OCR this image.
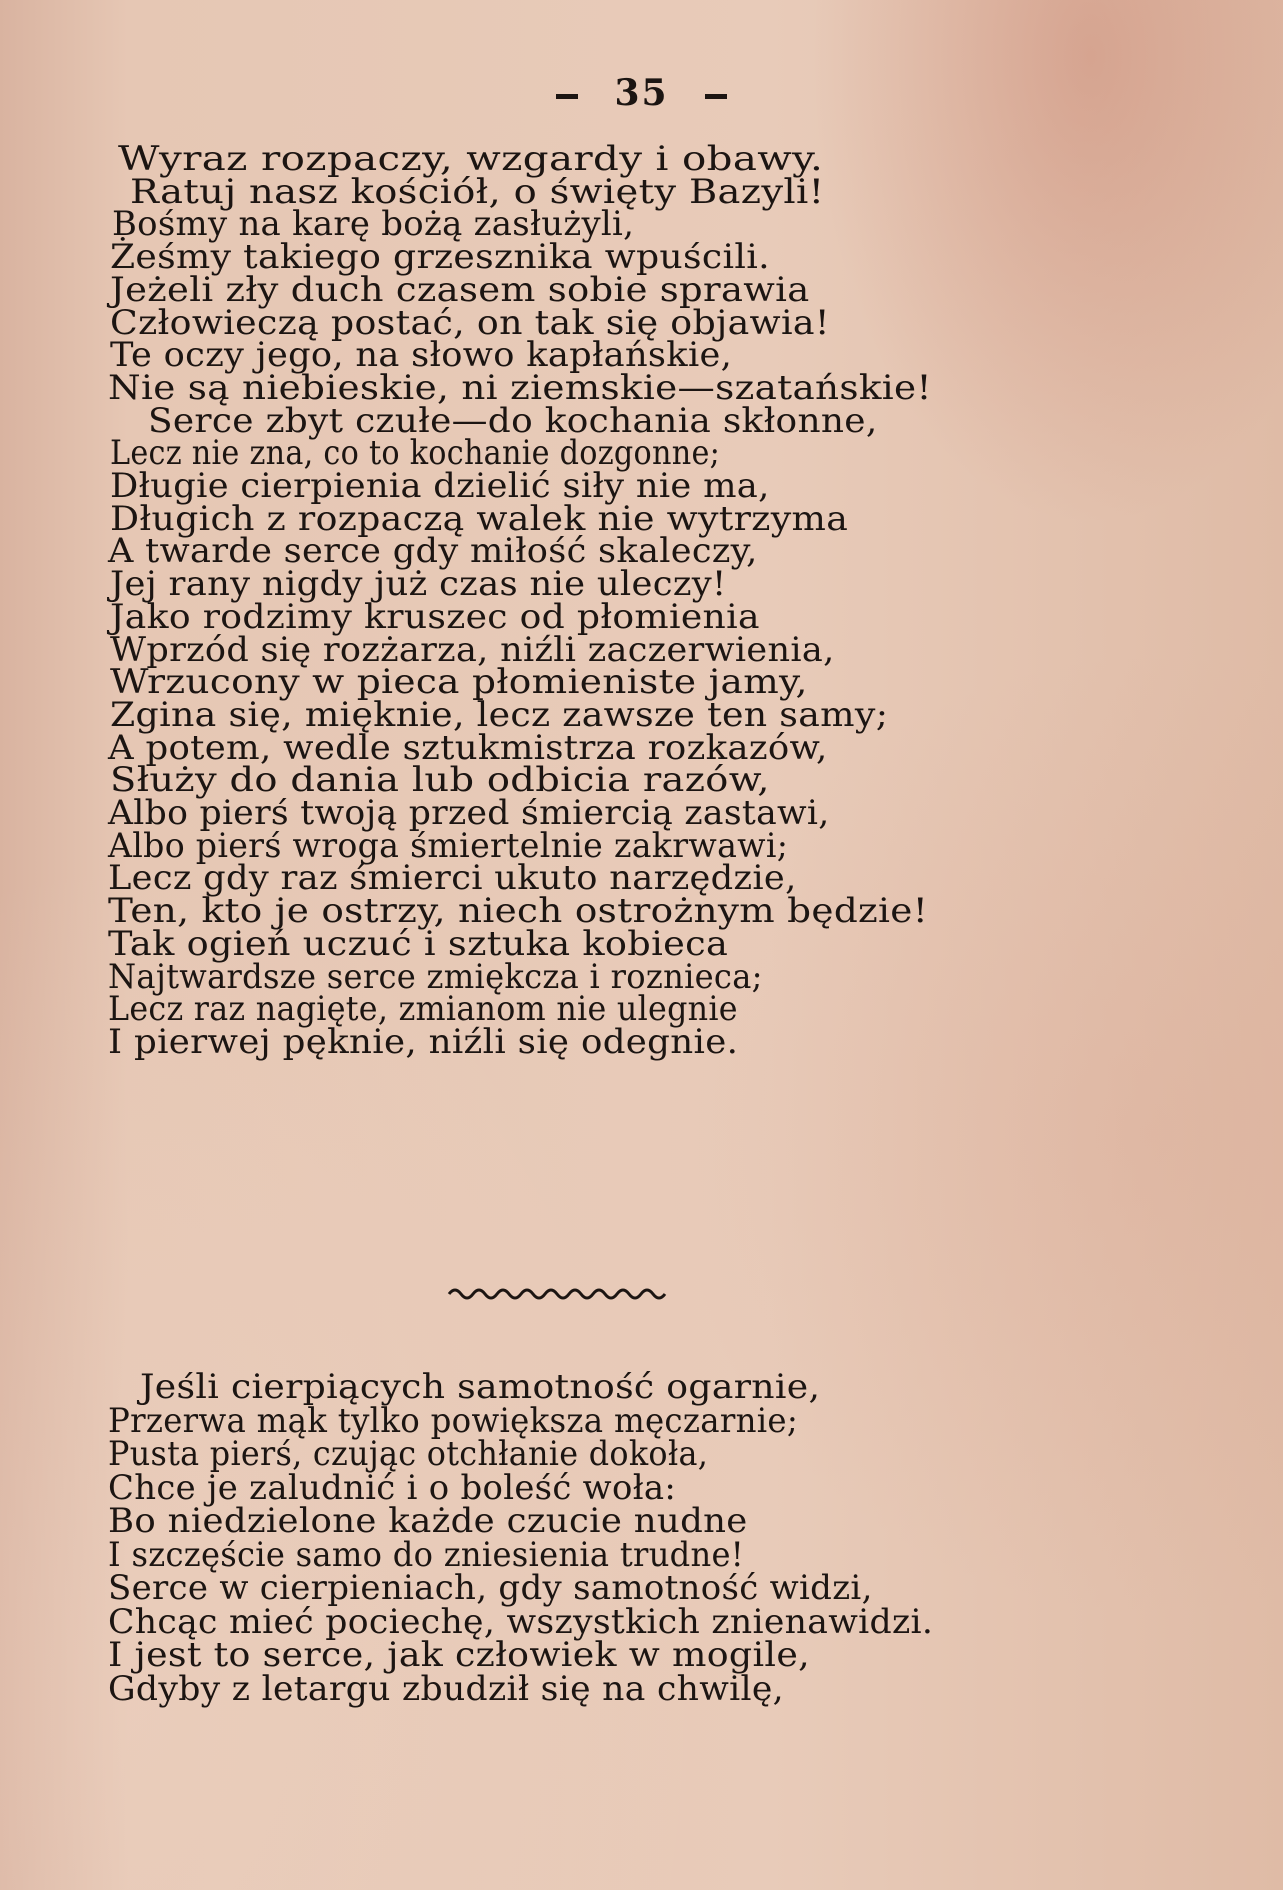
35
Wyraz rozpaczy, wzgardy i obawy.
Ratuj nasz kościół, o święty Bazyli!
Bośmy na karę bożą zasłużyli,
Żeśmy takiego grzesznika wpuścili.
Jeżeli zły duch czasem sobie sprawia
Człowieczą postać, on tak się objawia!
Te oczy jego, na słowo kapłańskie,
Nie są niebieskie, ni ziemskie—szatańskie!
Serce zbyt czułe—do kochania skłonne,
Lecz nie zna, co to kochanie dozgonne;
Długie cierpienia dzielić siły nie ma,
Długich z rozpaczą walek nie wytrzyma
A twarde serce gdy miłość skaleczy,
Jej rany nigdy już czas nie uleczy!
Jako rodzimy kruszec od płomienia
Wprzód się rozżarza, niźli zaczerwienia,
Wrzucony w pieca płomieniste jamy,
Zgina się, mięknie, lecz zawsze ten samy;
A potem, wedle sztukmistrza rozkazów,
Służy do dania lub odbicia razów,
Albo pierś twoją przed śmiercią zastawi,
Albo pierś wroga śmiertelnie zakrwawi;
Lecz gdy raz śmierci ukuto narzędzie,
Ten, kto je ostrzy, niech ostrożnym będzie!
Tak ogień uczuć i sztuka kobieca
Najtwardsze serce zmiękcza i roznieca;
Lecz raz nagięte, zmianom nie ulegnie
I pierwej pęknie, niźli się odegnie.
Jeśli cierpiących samotność ogarnie,
Przerwa mąk tylko powiększa męczarnie;
Pusta pierś, czując otchłanie dokoła,
Chce je zaludnić i o boleść woła:
Bo niedzielone każde czucie nudne
I szczęście samo do zniesienia trudne!
Serce w cierpieniach, gdy samotność widzi,
Chcąc mieć pociechę, wszystkich znienawidzi.
I jest to serce, jak człowiek w mogile,
Gdyby z letargu zbudził się na chwilę,
